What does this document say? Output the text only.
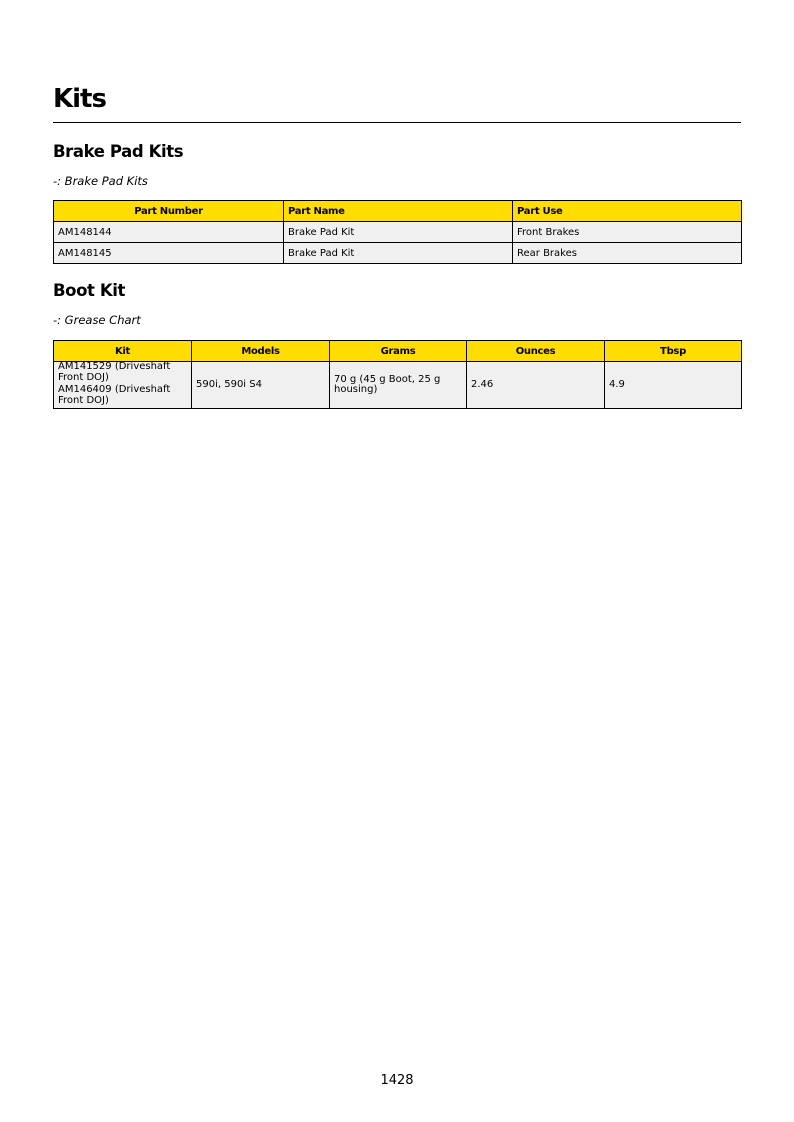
Kits
Brake Pad Kits

-: Brake Pad Kits

Part Number	Part Name	Part Use
AM148144	Brake Pad Kit	Front Brakes
AM148145	Brake Pad Kit	Rear Brakes
Boot Kit

-: Grease Chart

Kit	Models	Grams	Ounces	Tbsp

AM141529 (Driveshaft Front DOJ)
AM146409 (Driveshaft Front DOJ)	590i, 590i S4	70 g (45 g Boot, 25 g housing)	2.46	4.9
1428
